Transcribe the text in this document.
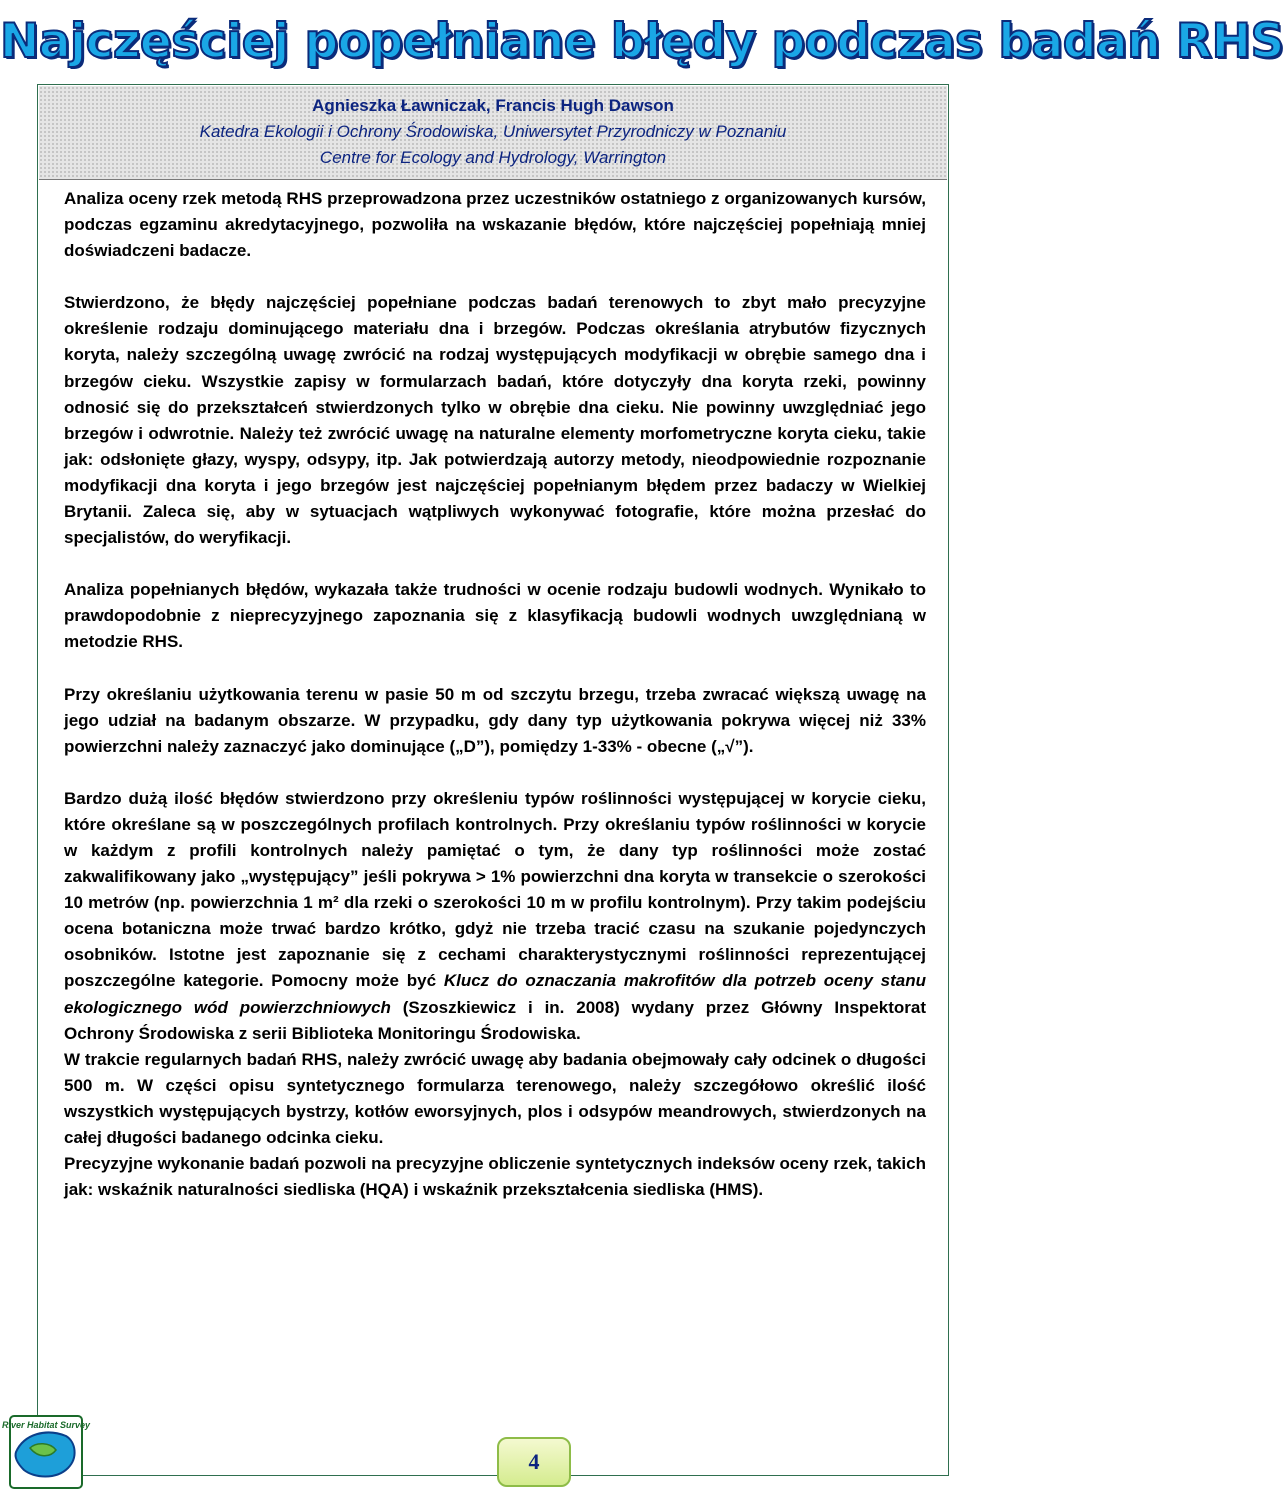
Najczęściej popełniane błędy podczas badań RHS
Agnieszka Ławniczak, Francis Hugh Dawson
Katedra Ekologii i Ochrony Środowiska, Uniwersytet Przyrodniczy w Poznaniu
Centre for Ecology and Hydrology, Warrington

Analiza oceny rzek metodą RHS przeprowadzona przez uczestników ostatniego z organizowanych kursów, podczas egzaminu akredytacyjnego, pozwoliła na wskazanie błędów, które najczęściej popełniają mniej doświadczeni badacze.

Stwierdzono, że błędy najczęściej popełniane podczas badań terenowych to zbyt mało precyzyjne określenie rodzaju dominującego materiału dna i brzegów. Podczas określania atrybutów fizycznych koryta, należy szczególną uwagę zwrócić na rodzaj występujących modyfikacji w obrębie samego dna i brzegów cieku. Wszystkie zapisy w formularzach badań, które dotyczyły dna koryta rzeki, powinny odnosić się do przekształceń stwierdzonych tylko w obrębie dna cieku. Nie powinny uwzględniać jego brzegów i odwrotnie. Należy też zwrócić uwagę na naturalne elementy morfometryczne koryta cieku, takie jak: odsłonięte głazy, wyspy, odsypy, itp. Jak potwierdzają autorzy metody, nieodpowiednie rozpoznanie modyfikacji dna koryta i jego brzegów jest najczęściej popełnianym błędem przez badaczy w Wielkiej Brytanii. Zaleca się, aby w sytuacjach wątpliwych wykonywać fotografie, które można przesłać do specjalistów, do weryfikacji.

Analiza popełnianych błędów, wykazała także trudności w ocenie rodzaju budowli wodnych. Wynikało to prawdopodobnie z nieprecyzyjnego zapoznania się z klasyfikacją budowli wodnych uwzględnianą w metodzie RHS.

Przy określaniu użytkowania terenu w pasie 50 m od szczytu brzegu, trzeba zwracać większą uwagę na jego udział na badanym obszarze. W przypadku, gdy dany typ użytkowania pokrywa więcej niż 33% powierzchni należy zaznaczyć jako dominujące („D”), pomiędzy 1-33% - obecne („√”).

Bardzo dużą ilość błędów stwierdzono przy określeniu typów roślinności występującej w korycie cieku, które określane są w poszczególnych profilach kontrolnych. Przy określaniu typów roślinności w korycie w każdym z profili kontrolnych należy pamiętać o tym, że dany typ roślinności może zostać zakwalifikowany jako „występujący” jeśli pokrywa > 1% powierzchni dna koryta w transekcie o szerokości 10 metrów (np. powierzchnia 1 m² dla rzeki o szerokości 10 m w profilu kontrolnym). Przy takim podejściu ocena botaniczna może trwać bardzo krótko, gdyż nie trzeba tracić czasu na szukanie pojedynczych osobników. Istotne jest zapoznanie się z cechami charakterystycznymi roślinności reprezentującej poszczególne kategorie. Pomocny może być Klucz do oznaczania makrofitów dla potrzeb oceny stanu ekologicznego wód powierzchniowych (Szoszkiewicz i in. 2008) wydany przez Główny Inspektorat Ochrony Środowiska z serii Biblioteka Monitoringu Środowiska.

W trakcie regularnych badań RHS, należy zwrócić uwagę aby badania obejmowały cały odcinek o długości 500 m. W części opisu syntetycznego formularza terenowego, należy szczegółowo określić ilość wszystkich występujących bystrzy, kotłów eworsyjnych, plos i odsypów meandrowych, stwierdzonych na całej długości badanego odcinka cieku.

Precyzyjne wykonanie badań pozwoli na precyzyjne obliczenie syntetycznych indeksów oceny rzek, takich jak: wskaźnik naturalności siedliska (HQA) i wskaźnik przekształcenia siedliska (HMS).

River Habitat Survey
4
